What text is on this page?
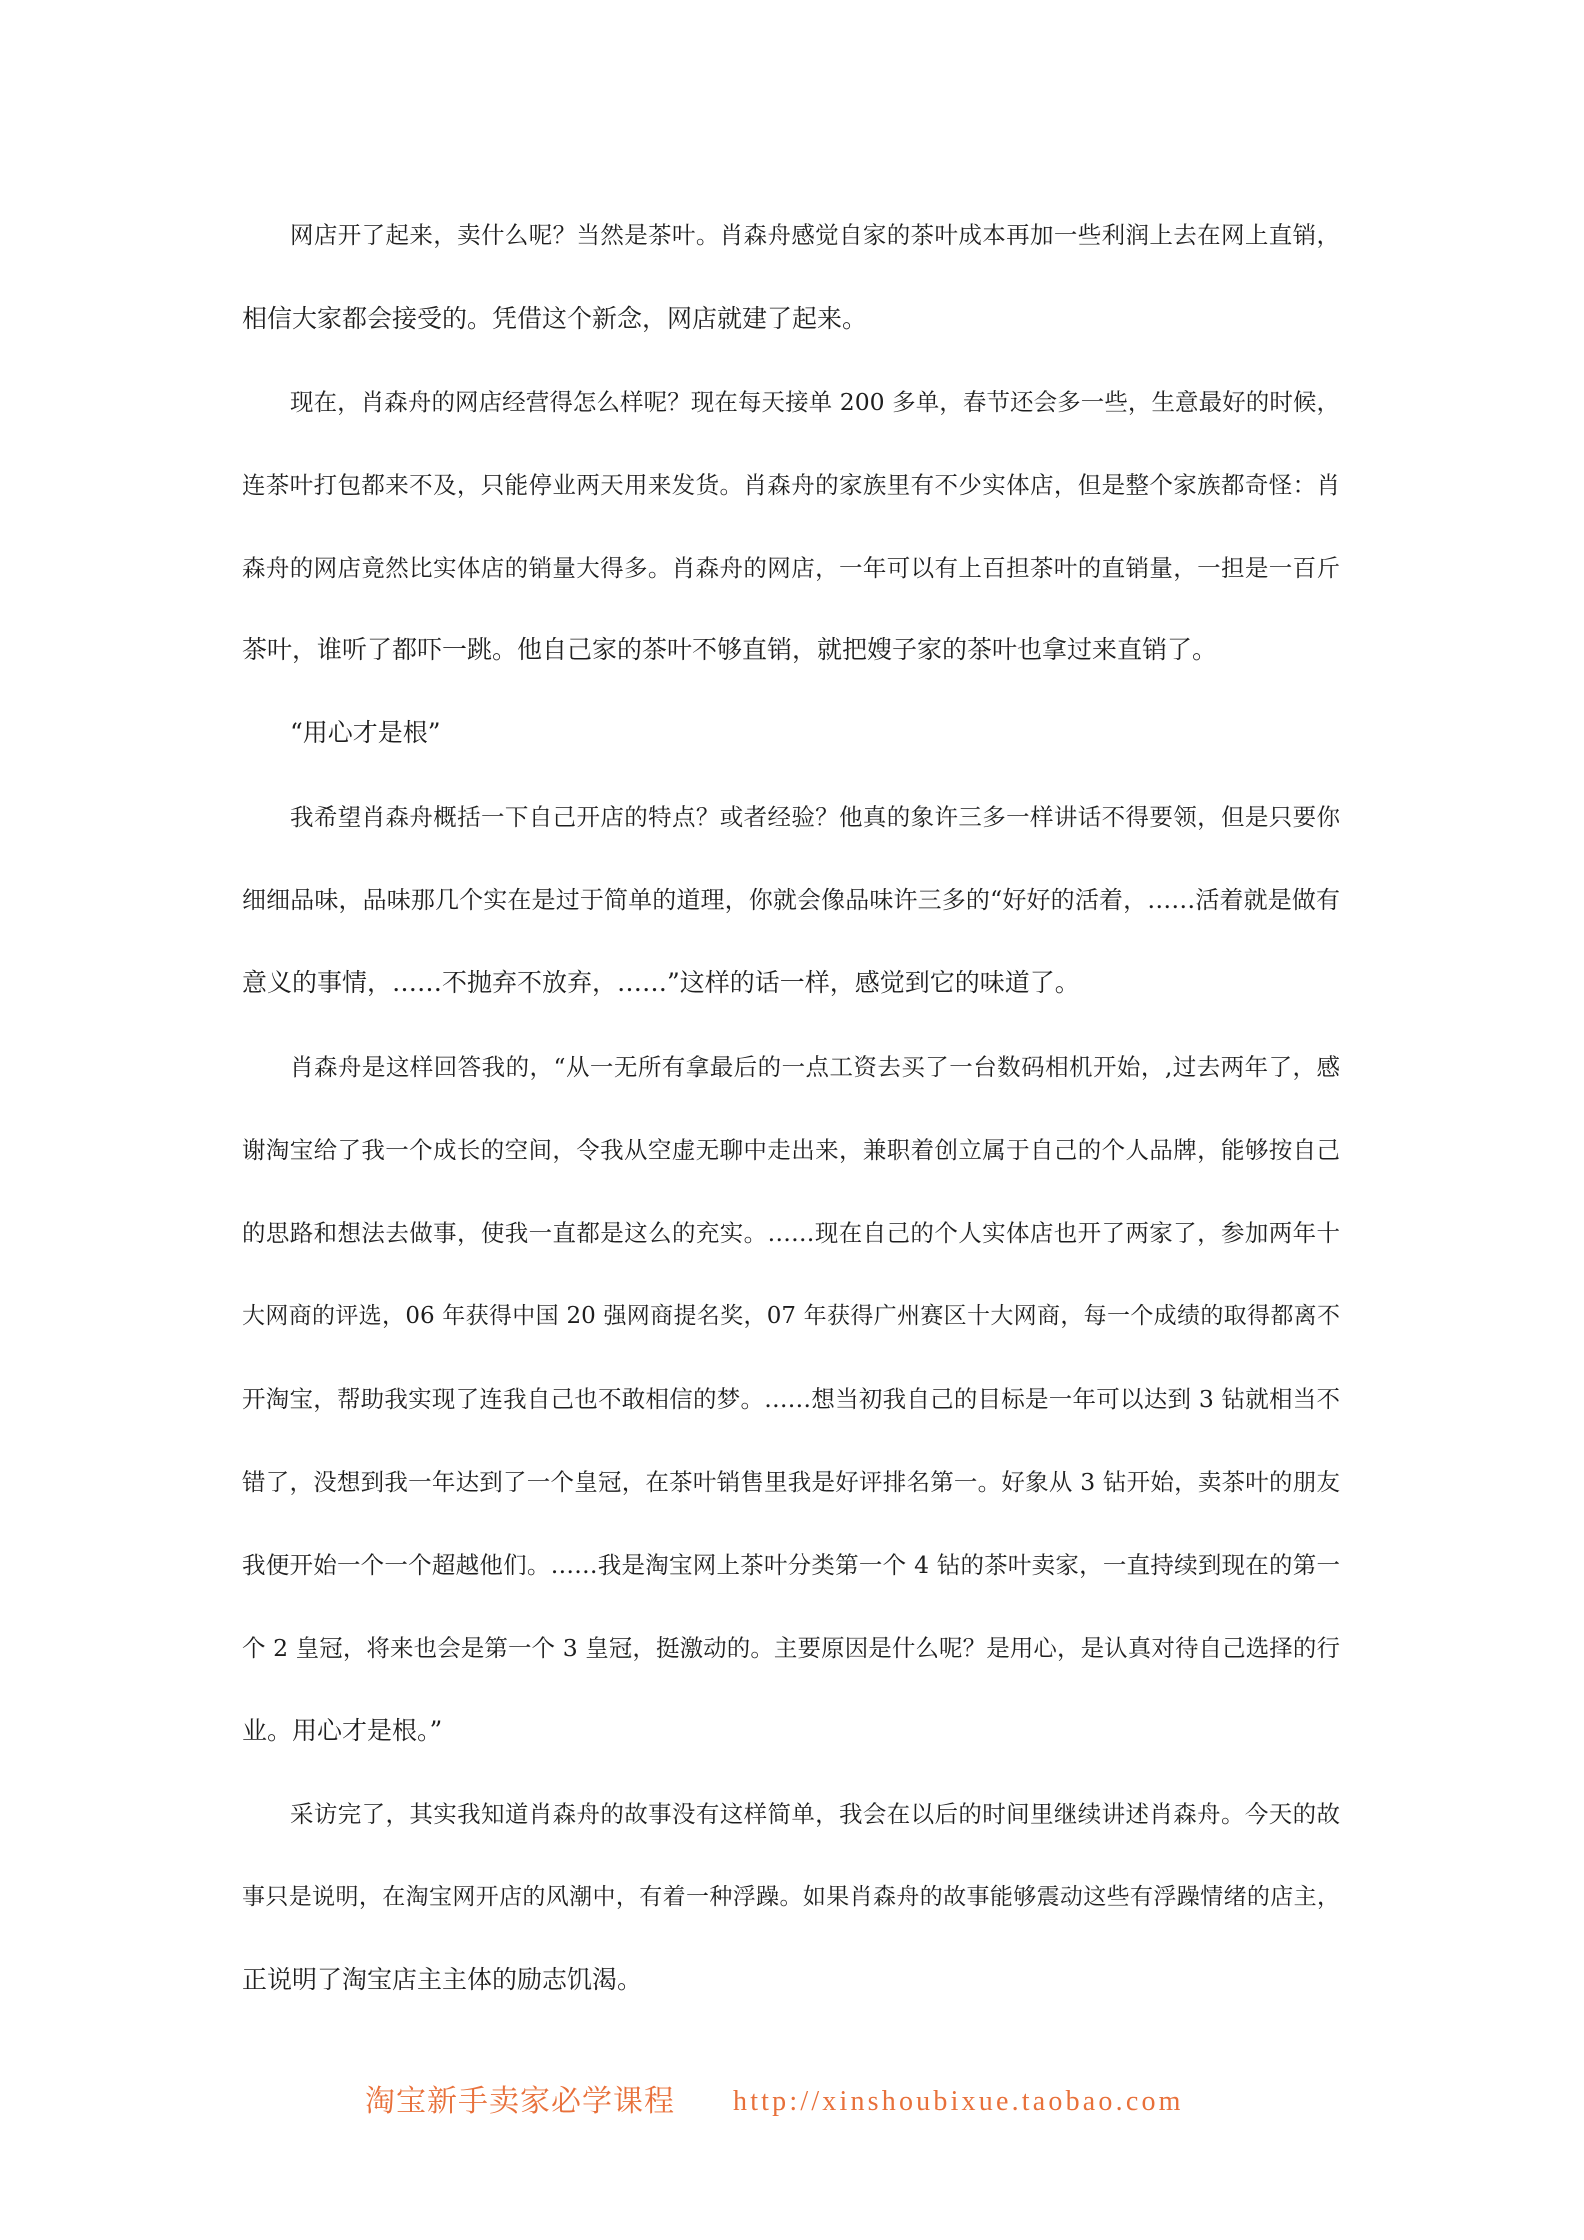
网店开了起来，卖什么呢？当然是茶叶。肖森舟感觉自家的茶叶成本再加一些利润上去在网上直销，
相信大家都会接受的。凭借这个新念，网店就建了起来。
现在，肖森舟的网店经营得怎么样呢？现在每天接单 200 多单，春节还会多一些，生意最好的时候，
连茶叶打包都来不及，只能停业两天用来发货。肖森舟的家族里有不少实体店，但是整个家族都奇怪：肖
森舟的网店竟然比实体店的销量大得多。肖森舟的网店，一年可以有上百担茶叶的直销量，一担是一百斤
茶叶，谁听了都吓一跳。他自己家的茶叶不够直销，就把嫂子家的茶叶也拿过来直销了。
“用心才是根”
我希望肖森舟概括一下自己开店的特点？或者经验？他真的象许三多一样讲话不得要领，但是只要你
细细品味，品味那几个实在是过于简单的道理，你就会像品味许三多的“好好的活着，……活着就是做有
意义的事情，……不抛弃不放弃，……”这样的话一样，感觉到它的味道了。
肖森舟是这样回答我的，“从一无所有拿最后的一点工资去买了一台数码相机开始，,过去两年了，感
谢淘宝给了我一个成长的空间，令我从空虚无聊中走出来，兼职着创立属于自己的个人品牌，能够按自己
的思路和想法去做事，使我一直都是这么的充实。……现在自己的个人实体店也开了两家了，参加两年十
大网商的评选，06 年获得中国 20 强网商提名奖，07 年获得广州赛区十大网商，每一个成绩的取得都离不
开淘宝，帮助我实现了连我自己也不敢相信的梦。……想当初我自己的目标是一年可以达到 3 钻就相当不
错了，没想到我一年达到了一个皇冠，在茶叶销售里我是好评排名第一。好象从 3 钻开始，卖茶叶的朋友
我便开始一个一个超越他们。……我是淘宝网上茶叶分类第一个 4 钻的茶叶卖家，一直持续到现在的第一
个 2 皇冠，将来也会是第一个 3 皇冠，挺激动的。主要原因是什么呢？是用心，是认真对待自己选择的行
业。用心才是根。”
采访完了，其实我知道肖森舟的故事没有这样简单，我会在以后的时间里继续讲述肖森舟。今天的故
事只是说明，在淘宝网开店的风潮中，有着一种浮躁。如果肖森舟的故事能够震动这些有浮躁情绪的店主，
正说明了淘宝店主主体的励志饥渴。
淘宝新手卖家必学课程 http://xinshoubixue.taobao.com
